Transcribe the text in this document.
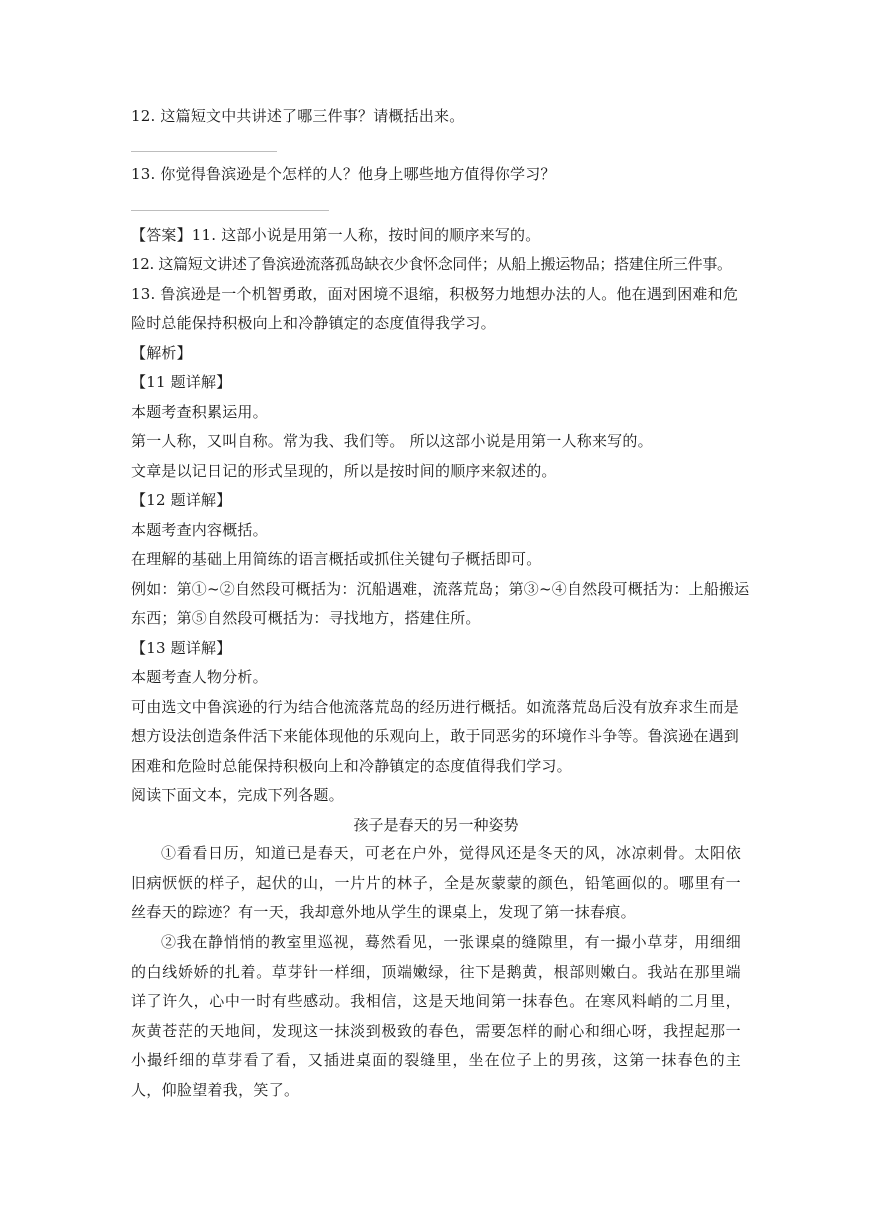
12. 这篇短文中共讲述了哪三件事？请概括出来。
13. 你觉得鲁滨逊是个怎样的人？他身上哪些地方值得你学习？
【答案】11. 这部小说是用第一人称，按时间的顺序来写的。
12. 这篇短文讲述了鲁滨逊流落孤岛缺衣少食怀念同伴；从船上搬运物品；搭建住所三件事。
13. 鲁滨逊是一个机智勇敢，面对困境不退缩，积极努力地想办法的人。他在遇到困难和危
险时总能保持积极向上和冷静镇定的态度值得我学习。
【解析】
【11 题详解】
本题考查积累运用。
第一人称，又叫自称。常为我、我们等。 所以这部小说是用第一人称来写的。
文章是以记日记的形式呈现的，所以是按时间的顺序来叙述的。
【12 题详解】
本题考查内容概括。
在理解的基础上用简练的语言概括或抓住关键句子概括即可。
例如：第①~②自然段可概括为：沉船遇难，流落荒岛；第③~④自然段可概括为：上船搬运
东西；第⑤自然段可概括为：寻找地方，搭建住所。
【13 题详解】
本题考查人物分析。
可由选文中鲁滨逊的行为结合他流落荒岛的经历进行概括。如流落荒岛后没有放弃求生而是
想方设法创造条件活下来能体现他的乐观向上，敢于同恶劣的环境作斗争等。鲁滨逊在遇到
困难和危险时总能保持积极向上和冷静镇定的态度值得我们学习。
阅读下面文本，完成下列各题。
孩子是春天的另一种姿势
①看看日历，知道已是春天，可老在户外，觉得风还是冬天的风，冰凉刺骨。太阳依旧病恹恹的样子，起伏的山，一片片的林子，全是灰蒙蒙的颜色，铅笔画似的。哪里有一丝春天的踪迹？有一天，我却意外地从学生的课桌上，发现了第一抹春痕。
②我在静悄悄的教室里巡视，蓦然看见，一张课桌的缝隙里，有一撮小草芽，用细细的白线娇娇的扎着。草芽针一样细，顶端嫩绿，往下是鹅黄，根部则嫩白。我站在那里端详了许久，心中一时有些感动。我相信，这是天地间第一抹春色。在寒风料峭的二月里，灰黄苍茫的天地间，发现这一抹淡到极致的春色，需要怎样的耐心和细心呀，我捏起那一小撮纤细的草芽看了看，又插进桌面的裂缝里，坐在位子上的男孩，这第一抹春色的主人，仰脸望着我，笑了。
